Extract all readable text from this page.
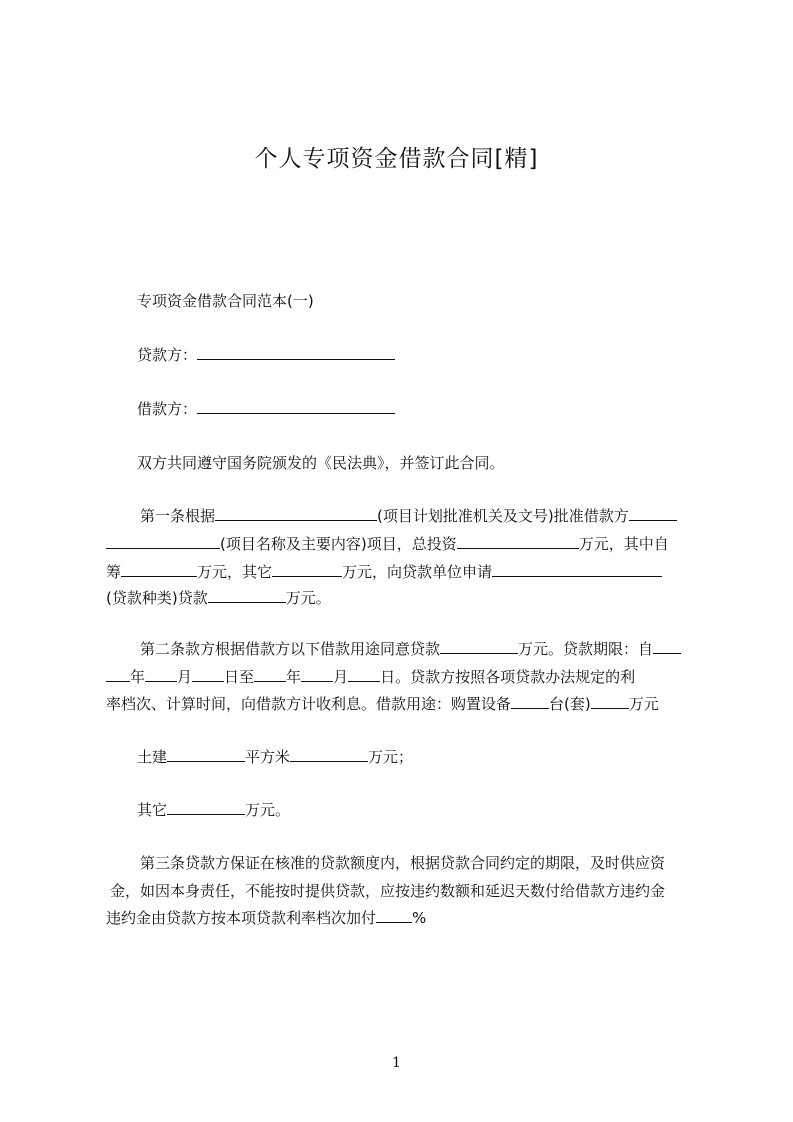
个人专项资金借款合同[精]
专项资金借款合同范本(一)
贷款方：
借款方：
双方共同遵守国务院颁发的《民法典》，并签订此合同。
第一条根据	(项目计划批准机关及文号)批准借款方
(项目名称及主要内容)项目，总投资	万元，其中自
筹	万元，其它	万元，向贷款单位申请
(贷款种类)贷款	万元。
第二条款方根据借款方以下借款用途同意贷款	万元。贷款期限：自
年 月 日至 年 月 日。贷款方按照各项贷款办法规定的利
率档次、计算时间，向借款方计收利息。借款用途：购置设备	台(套)	万元
土建	平方米	万元；
其它	万元。
第三条贷款方保证在核准的贷款额度内，根据贷款合同约定的期限，及时供应资
金，如因本身责任，不能按时提供贷款，应按违约数额和延迟天数付给借款方违约金
违约金由贷款方按本项贷款利率档次加付 %
1
